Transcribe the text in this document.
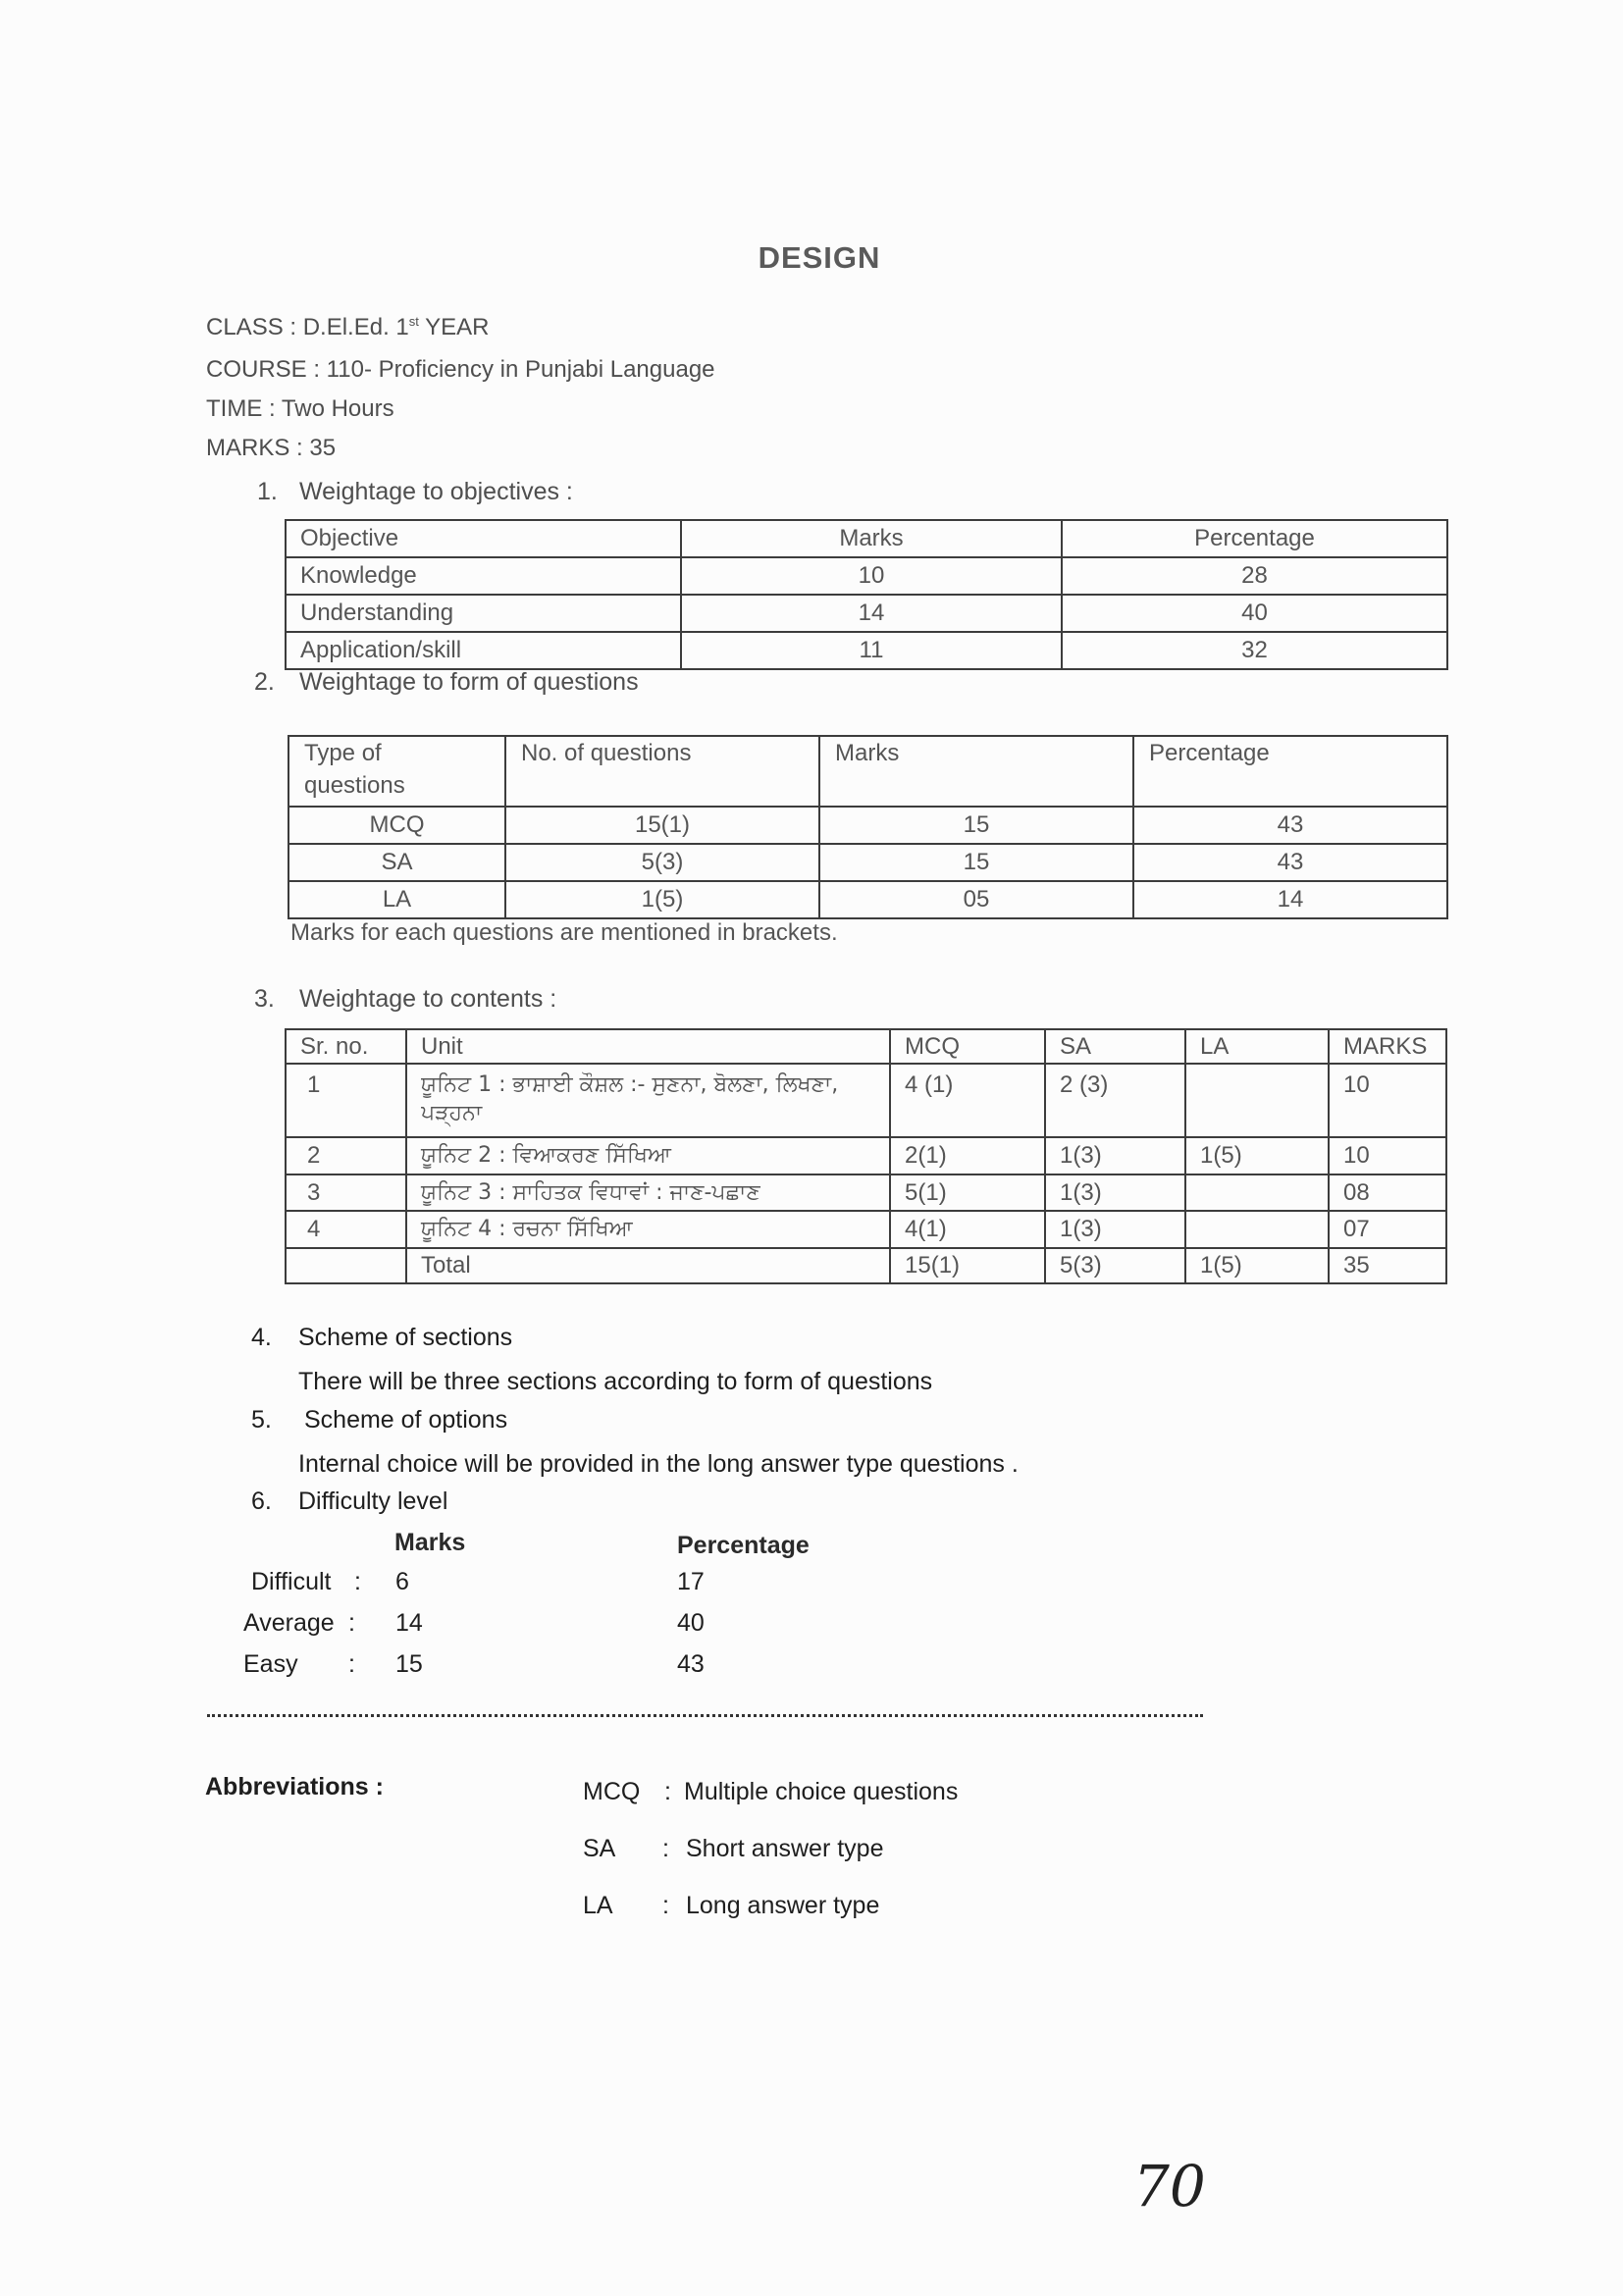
DESIGN
CLASS : D.El.Ed. 1st YEAR
COURSE : 110- Proficiency in Punjabi Language
TIME : Two Hours
MARKS : 35
1. Weightage to objectives :
Objective	Marks	Percentage
Knowledge	10	28
Understanding	14	40
Application/skill	11	32
2. Weightage to form of questions
Type of questions	No. of questions	Marks	Percentage
MCQ	15(1)	15	43
SA	5(3)	15	43
LA	1(5)	05	14
Marks for each questions are mentioned in brackets.
3. Weightage to contents :
Sr. no.	Unit	MCQ	SA	LA	MARKS
1	ਯੂਨਿਟ 1 : ਭਾਸ਼ਾਈ ਕੌਸ਼ਲ :- ਸੁਣਨਾ, ਬੋਲਣਾ, ਲਿਖਣਾ, ਪੜ੍ਹਨਾ	4 (1)	2 (3)		10
2	ਯੂਨਿਟ 2 : ਵਿਆਕਰਣ ਸਿੱਖਿਆ	2(1)	1(3)	1(5)	10
3	ਯੂਨਿਟ 3 : ਸਾਹਿਤਕ ਵਿਧਾਵਾਂ : ਜਾਣ-ਪਛਾਣ	5(1)	1(3)		08
4	ਯੂਨਿਟ 4 : ਰਚਨਾ ਸਿੱਖਿਆ	4(1)	1(3)		07
	Total	15(1)	5(3)	1(5)	35
4. Scheme of sections
There will be three sections according to form of questions
5. Scheme of options
Internal choice will be provided in the long answer type questions .
6. Difficulty level
Marks	Percentage
Difficult : 6	17
Average : 14	40
Easy : 15	43
Abbreviations :	MCQ : Multiple choice questions
SA : Short answer type
LA : Long answer type
70
